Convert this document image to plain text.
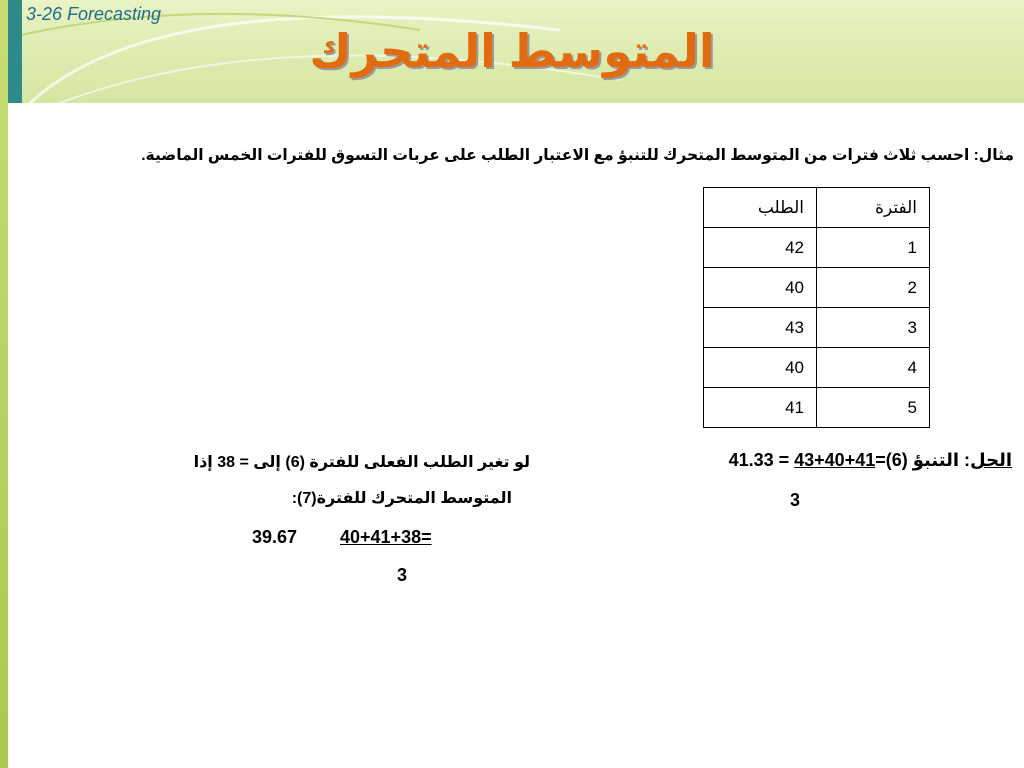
3-26 Forecasting
المتوسط المتحرك
مثال: احسب ثلاث فترات من المتوسط المتحرك للتنبؤ مع الاعتبار الطلب على عربات التسوق للفترات الخمس الماضية.
الفترة	الطلب
1	42
2	40
3	43
4	40
5	41
الحل: التنبؤ (6)=41+40+43 = 41.33
3
لو تغير الطلب الفعلى للفترة (6) إلى = 38 إذا
المتوسط المتحرك للفترة(7):
40+41+38=
39.67
3
